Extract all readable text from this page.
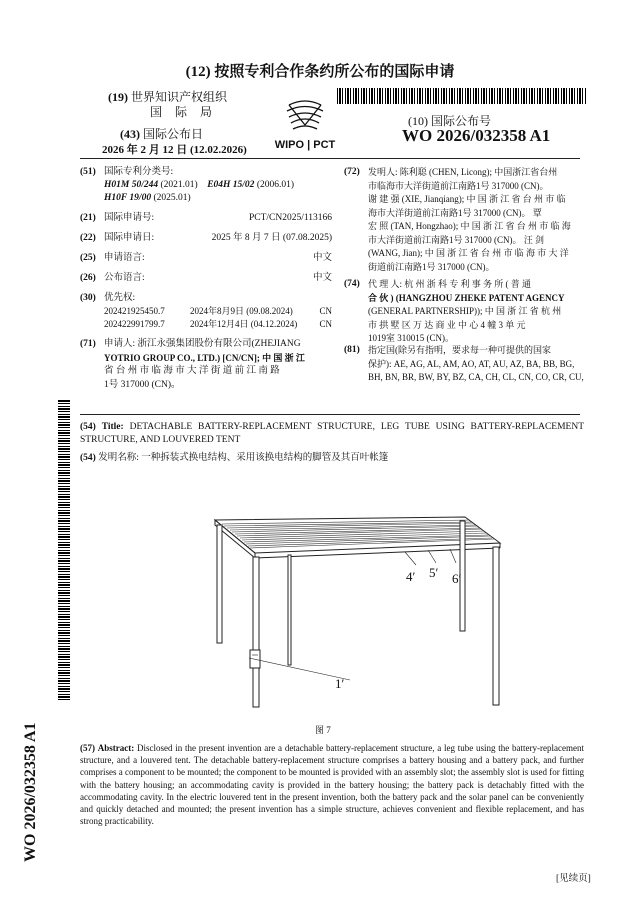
(12) 按照专利合作条约所公布的国际申请
(19) 世界知识产权组织
国 际 局
(43) 国际公布日
2026 年 2 月 12 日 (12.02.2026)	WIPO | PCT
(10) 国际公布号
WO 2026/032358 A1
(51) 国际专利分类号:
H01M 50/244 (2021.01) E04H 15/02 (2006.01)
H10F 19/00 (2025.01)
(21) 国际申请号:	PCT/CN2025/113166
(22) 国际申请日:	2025 年 8 月 7 日 (07.08.2025)
(25) 申请语言:	中文
(26) 公布语言:	中文
(30) 优先权:
202421925450.7	2024年8月9日 (09.08.2024)	CN
202422991799.7	2024年12月4日 (04.12.2024) CN
(71) 申请人: 浙江永强集团股份有限公司(ZHEJIANG
YOTRIO GROUP CO., LTD.) [CN/CN]; 中 国 浙 江
省 台 州 市 临 海 市 大 洋 街 道 前 江 南 路
1号 317000 (CN)。
(72) 发明人: 陈利聪 (CHEN, Licong); 中国浙江省台州
市临海市大洋街道前江南路1号 317000 (CN)。
谢 建 强 (XIE, Jianqiang); 中 国 浙 江 省 台 州 市 临
海市大洋街道前江南路1号 317000 (CN)。 覃
宏 照 (TAN, Hongzhao); 中 国 浙 江 省 台 州 市 临 海
市大洋街道前江南路1号 317000 (CN)。 汪 剑
(WANG, Jian); 中 国 浙 江 省 台 州 市 临 海 市 大 洋
街道前江南路1号 317000 (CN)。
(74) 代 理 人: 杭 州 浙 科 专 利 事 务 所 ( 普 通
合 伙 ) (HANGZHOU ZHEKE PATENT AGENCY
(GENERAL PARTNERSHIP)); 中 国 浙 江 省 杭 州
市 拱 墅 区 万 达 商 业 中 心 4 幢 3 单 元
1019室 310015 (CN)。
(81) 指定国(除另有指明，要求每一种可提供的国家
保护): AE, AG, AL, AM, AO, AT, AU, AZ, BA, BB, BG,
BH, BN, BR, BW, BY, BZ, CA, CH, CL, CN, CO, CR, CU,
WO 2026/032358 A1
(54) Title: DETACHABLE BATTERY-REPLACEMENT STRUCTURE, LEG TUBE USING BATTERY-REPLACEMENT STRUCTURE, AND LOUVERED TENT
(54) 发明名称: 一种拆装式换电结构、采用该换电结构的脚管及其百叶帐篷
4′ 5′ 6′
1′
图 7
(57) Abstract: Disclosed in the present invention are a detachable battery-replacement structure, a leg tube using the battery-replacement structure, and a louvered tent. The detachable battery-replacement structure comprises a battery housing and a battery pack, and further comprises a component to be mounted; the component to be mounted is provided with an assembly slot; the assembly slot is used for fitting with the battery housing; an accommodating cavity is provided in the battery housing; the battery pack is detachably fitted with the accommodating cavity. In the electric louvered tent in the present invention, both the battery pack and the solar panel can be conveniently and quickly detached and mounted; the present invention has a simple structure, achieves convenient and flexible replacement, and has strong practicability.
[见续页]
